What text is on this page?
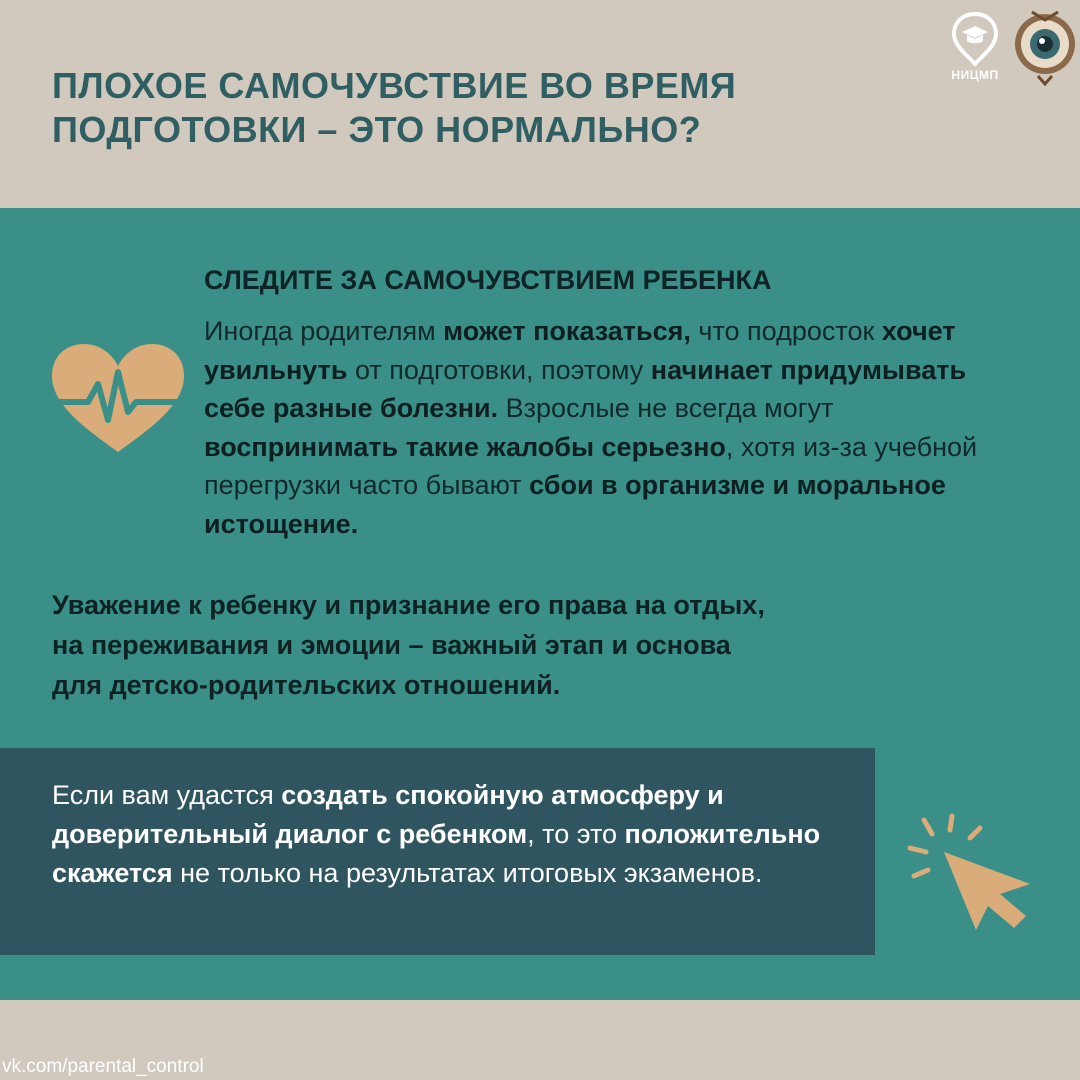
ПЛОХОЕ САМОЧУВСТВИЕ ВО ВРЕМЯ
ПОДГОТОВКИ – ЭТО НОРМАЛЬНО?
НИЦМП

СЛЕДИТЕ ЗА САМОЧУВСТВИЕМ РЕБЕНКА

Иногда родителям может показаться, что подросток хочет увильнуть от подготовки, поэтому начинает придумывать себе разные болезни. Взрослые не всегда могут воспринимать такие жалобы серьезно, хотя из-за учебной перегрузки часто бывают сбои в организме и моральное истощение.

Уважение к ребенку и признание его права на отдых,
на переживания и эмоции – важный этап и основа
для детско-родительских отношений.

Если вам удастся создать спокойную атмосферу и доверительный диалог с ребенком, то это положительно скажется не только на результатах итоговых экзаменов.

vk.com/parental_control
